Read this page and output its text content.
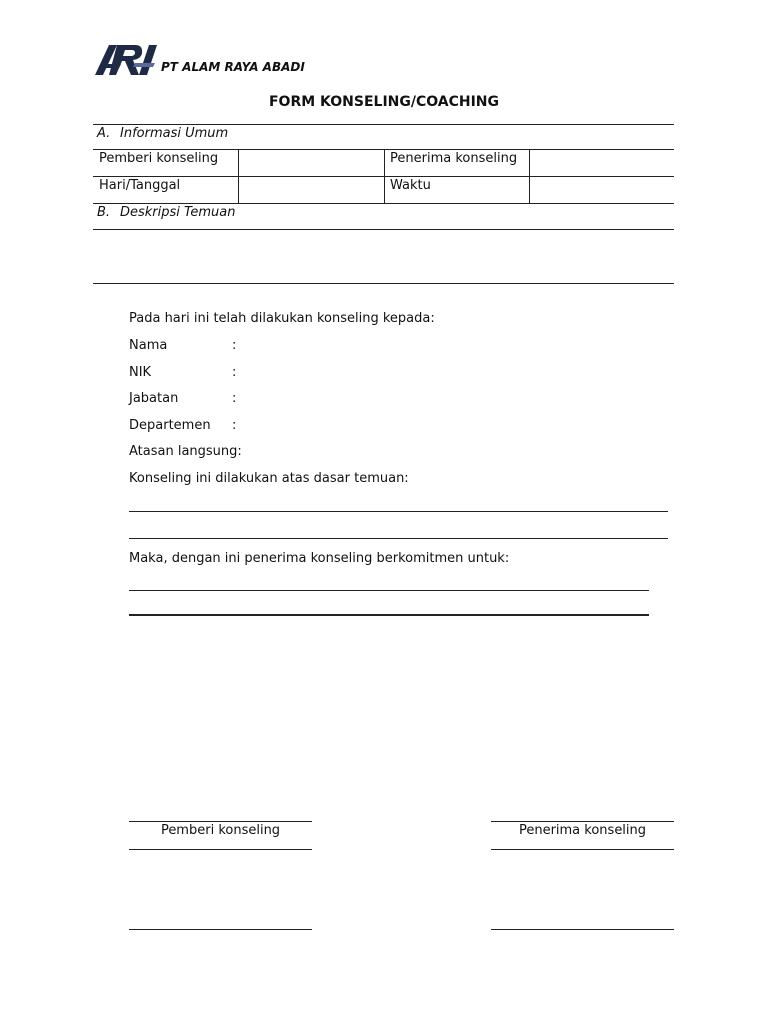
PT ALAM RAYA ABADI
FORM KONSELING/COACHING
A. Informasi Umum
Pemberi konseling	Penerima konseling
Hari/Tanggal	Waktu
B. Deskripsi Temuan
Pada hari ini telah dilakukan konseling kepada:
Nama	:
NIK	:
Jabatan	:
Departemen :
Atasan langsung:
Konseling ini dilakukan atas dasar temuan:
Maka, dengan ini penerima konseling berkomitmen untuk:
Pemberi konseling	Penerima konseling
